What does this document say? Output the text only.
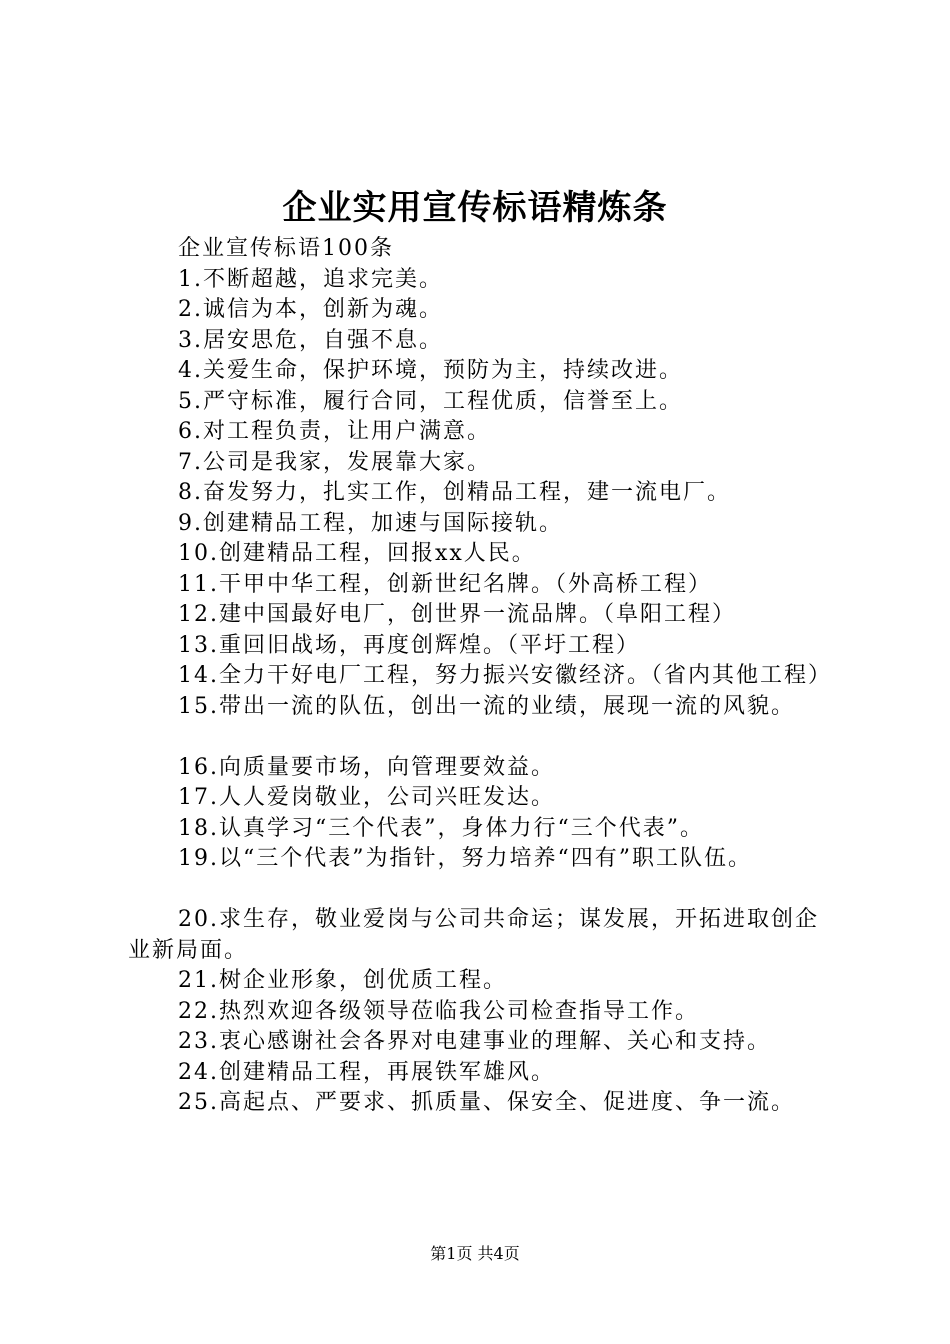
企业实用宣传标语精炼条

企业宣传标语100条

1.不断超越，追求完美。

2.诚信为本，创新为魂。

3.居安思危，自强不息。

4.关爱生命，保护环境，预防为主，持续改进。

5.严守标准，履行合同，工程优质，信誉至上。

6.对工程负责，让用户满意。

7.公司是我家，发展靠大家。

8.奋发努力，扎实工作，创精品工程，建一流电厂。

9.创建精品工程，加速与国际接轨。

10.创建精品工程，回报xx人民。

11.干甲中华工程，创新世纪名牌。（外高桥工程）

12.建中国最好电厂，创世界一流品牌。（阜阳工程）

13.重回旧战场，再度创辉煌。（平圩工程）

14.全力干好电厂工程，努力振兴安徽经济。（省内其他工程）

15.带出一流的队伍，创出一流的业绩，展现一流的风貌。

16.向质量要市场，向管理要效益。

17.人人爱岗敬业，公司兴旺发达。

18.认真学习“三个代表”，身体力行“三个代表”。

19.以“三个代表”为指针，努力培养“四有”职工队伍。

20.求生存，敬业爱岗与公司共命运；谋发展，开拓进取创企业新局面。

21.树企业形象，创优质工程。

22.热烈欢迎各级领导莅临我公司检查指导工作。

23.衷心感谢社会各界对电建事业的理解、关心和支持。

24.创建精品工程，再展铁军雄风。

25.高起点、严要求、抓质量、保安全、促进度、争一流。

第1页 共4页
